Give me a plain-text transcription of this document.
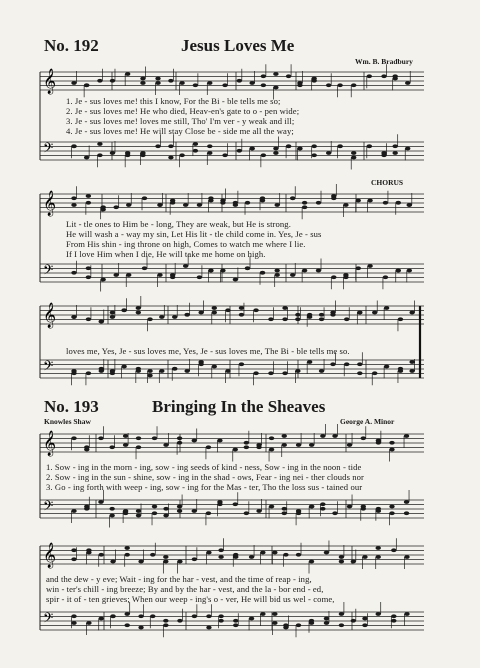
𝄞
𝄢
𝄞
𝄢
𝄞
𝄢
𝄞
𝄢
𝄞
𝄢
No. 192	Jesus Loves Me
Wm. B. Bradbury
1. Je - sus loves me! this I know, For the Bi - ble tells me so;
2. Je - sus loves me! He who died, Heav-en's gate to o - pen wide;
3. Je - sus loves me! loves me still, Tho' I'm ver - y weak and ill;
4. Je - sus loves me! He will stay Close be - side me all the way;
CHORUS
Lit - tle ones to Him be - long, They are weak, but He is strong.
He will wash a - way my sin, Let His lit - tle child come in. Yes, Je - sus
From His shin - ing throne on high, Comes to watch me where I lie.
If I love Him when I die, He will take me home on high.
loves me, Yes, Je - sus loves me, Yes, Je - sus loves me, The Bi - ble tells me so.
No. 193	Bringing In the Sheaves
Knowles Shaw	George A. Minor
1. Sow - ing in the morn - ing, sow - ing seeds of kind - ness, Sow - ing in the noon - tide
2. Sow - ing in the sun - shine, sow - ing in the shad - ows, Fear - ing nei - ther clouds nor
3. Go - ing forth with weep - ing, sow - ing for the Mas - ter, Tho the loss sus - tained our
and the dew - y eve; Wait - ing for the har - vest, and the time of reap - ing,
win - ter's chill - ing breeze; By and by the har - vest, and the la - bor end - ed,
spir - it of - ten grieves; When our weep - ing's o - ver, He will bid us wel - come,
